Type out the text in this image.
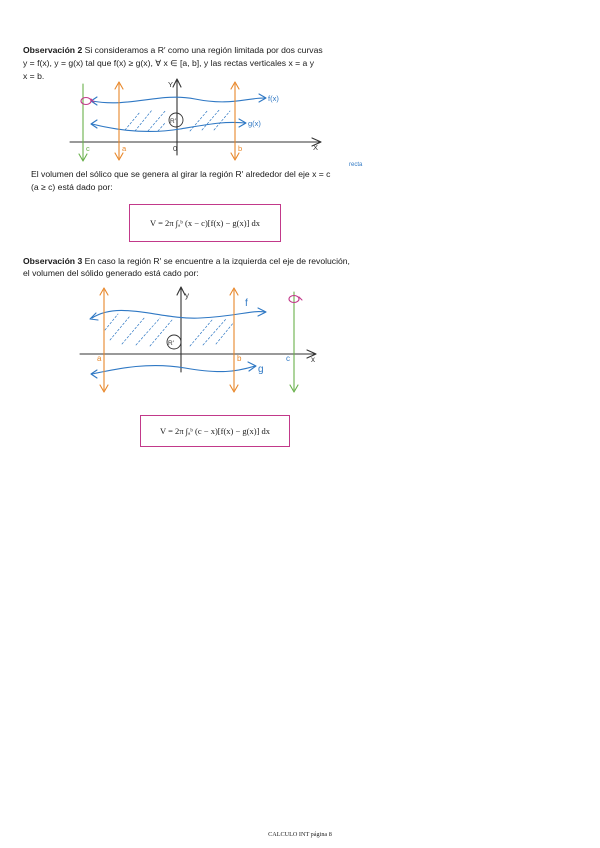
Observación 2 Si consideramos a R′ como una región limitada por dos curvas
y = f(x), y = g(x) tal que f(x) ≥ g(x), ∀ x ∈ [a, b], y las rectas verticales x = a y
x = b.
f(x)
g(x)
R′
a	b
c	0	X
Y
recta
El volumen del sólico que se genera al girar la región R′ alrededor del eje x = c
(a ≥ c) está dado por:
V = 2π ∫ₐᵇ (x − c)[f(x) − g(x)] dx
Observación 3 En caso la región R′ se encuentre a la izquierda cel eje de revolución,
el volumen del sólido generado está cado por:
f
g
R′
a	b	c	x
y
V = 2π ∫ₐᵇ (c − x)[f(x) − g(x)] dx
CALCULO INT página 8
